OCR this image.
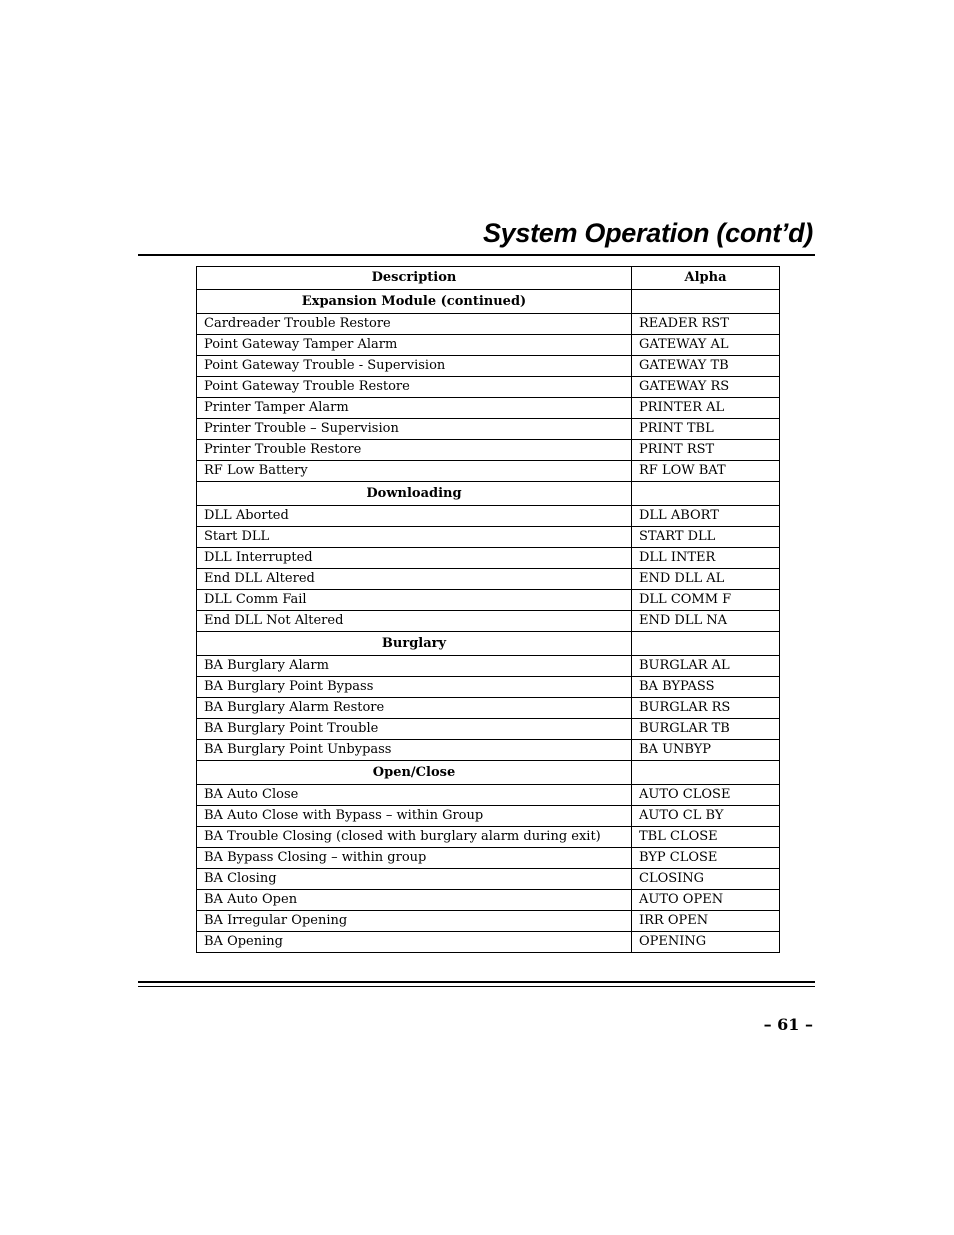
System Operation (cont’d)
Description	Alpha
Expansion Module (continued)	
Cardreader Trouble Restore	READER RST
Point Gateway Tamper Alarm	GATEWAY AL
Point Gateway Trouble - Supervision	GATEWAY TB
Point Gateway Trouble Restore	GATEWAY RS
Printer Tamper Alarm	PRINTER AL
Printer Trouble – Supervision	PRINT TBL
Printer Trouble Restore	PRINT RST
RF Low Battery	RF LOW BAT
Downloading	
DLL Aborted	DLL ABORT
Start DLL	START DLL
DLL Interrupted	DLL INTER
End DLL Altered	END DLL AL
DLL Comm Fail	DLL COMM F
End DLL Not Altered	END DLL NA
Burglary	
BA Burglary Alarm	BURGLAR AL
BA Burglary Point Bypass	BA BYPASS
BA Burglary Alarm Restore	BURGLAR RS
BA Burglary Point Trouble	BURGLAR TB
BA Burglary Point Unbypass	BA UNBYP
Open/Close	
BA Auto Close	AUTO CLOSE
BA Auto Close with Bypass – within Group	AUTO CL BY
BA Trouble Closing (closed with burglary alarm during exit)	TBL CLOSE
BA Bypass Closing – within group	BYP CLOSE
BA Closing	CLOSING
BA Auto Open	AUTO OPEN
BA Irregular Opening	IRR OPEN
BA Opening	OPENING
– 61 –
